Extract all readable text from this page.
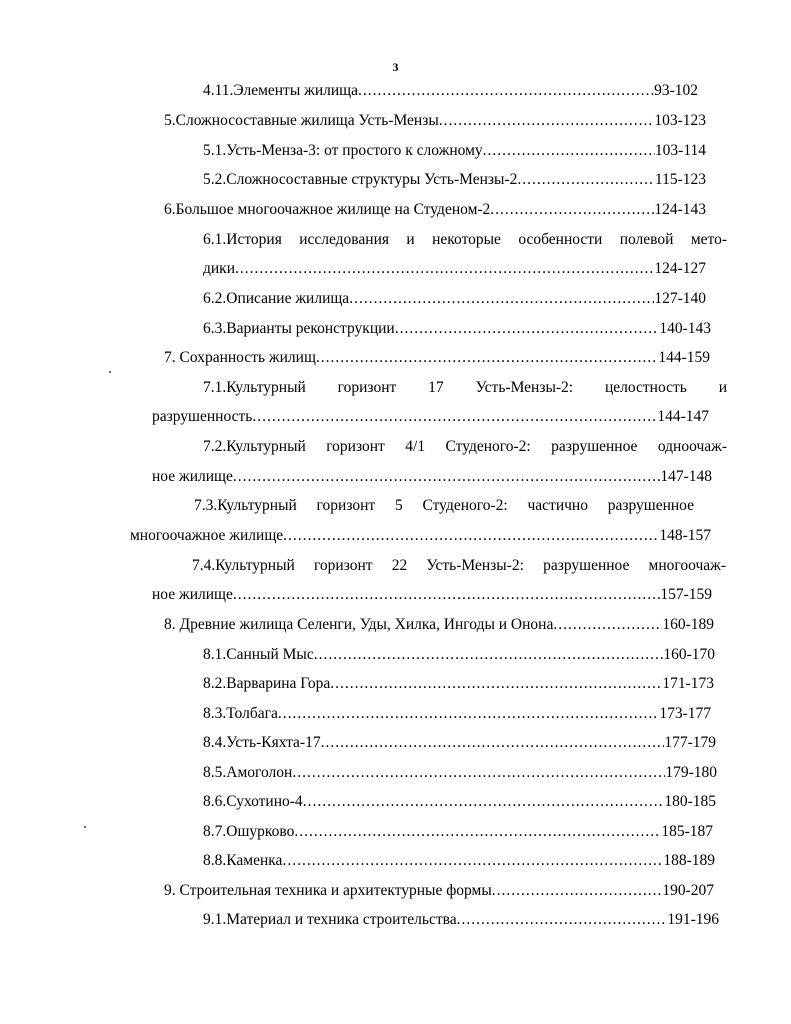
3
4.11.Элементы жилища .....	93-102
5.Сложносоставные жилища Усть-Мензы .....	103-123
5.1.Усть-Менза-3: от простого к сложному .....	103-114
5.2.Сложносоставные структуры Усть-Мензы-2 .....	115-123
6.Большое многоочажное жилище на Студеном-2 .....	124-143
6.1.История исследования и некоторые особенности полевой мето-
дики .....	124-127
6.2.Описание жилища .....	127-140
6.3.Варианты реконструкции .....	140-143
7. Сохранность жилищ .....	144-159
7.1.Культурный горизонт 17 Усть-Мензы-2: целостность и
разрушенность .....	144-147
7.2.Культурный горизонт 4/1 Студеного-2: разрушенное одноочаж-
ное жилище .....	147-148
7.3.Культурный горизонт 5 Студеного-2: частично разрушенное
многоочажное жилище .....	148-157
7.4.Культурный горизонт 22 Усть-Мензы-2: разрушенное многоочаж-
ное жилище .....	157-159
8. Древние жилища Селенги, Уды, Хилка, Ингоды и Онона .....	160-189
8.1.Санный Мыс .....	160-170
8.2.Варварина Гора .....	171-173
8.3.Толбага .....	173-177
8.4.Усть-Кяхта-17 .....	177-179
8.5.Амоголон .....	179-180
8.6.Сухотино-4 .....	180-185
8.7.Ошурково .....	185-187
8.8.Каменка .....	188-189
9. Строительная техника и архитектурные формы .....	190-207
9.1.Материал и техника строительства .....	191-196
